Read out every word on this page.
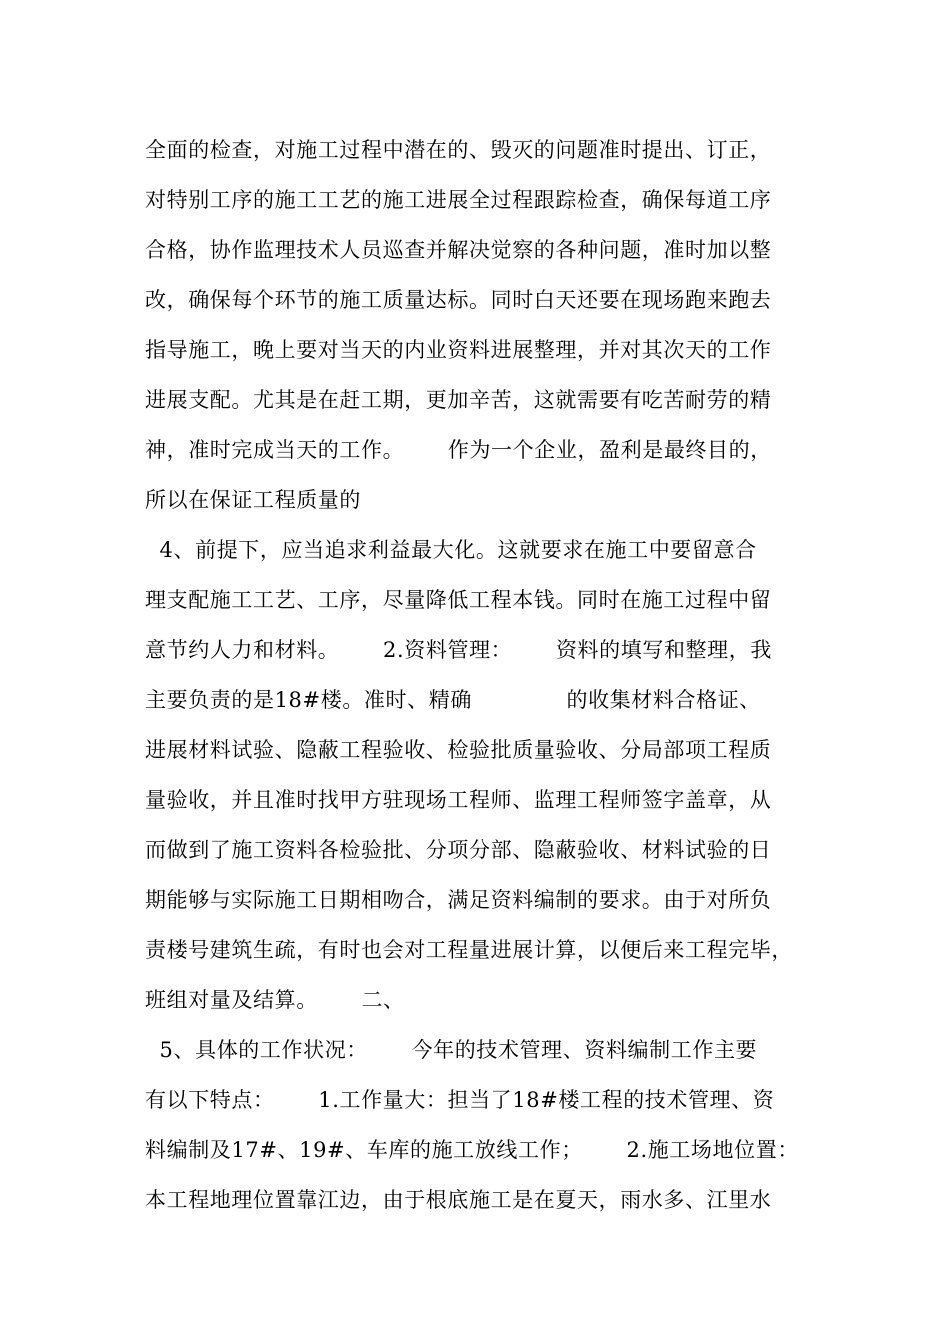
全面的检查，对施工过程中潜在的、毁灭的问题准时提出、订正，
对特别工序的施工工艺的施工进展全过程跟踪检查，确保每道工序
合格，协作监理技术人员巡查并解决觉察的各种问题，准时加以整
改，确保每个环节的施工质量达标。同时白天还要在现场跑来跑去
指导施工，晚上要对当天的内业资料进展整理，并对其次天的工作
进展支配。尤其是在赶工期，更加辛苦，这就需要有吃苦耐劳的精
神，准时完成当天的工作。      作为一个企业，盈利是最终目的，
所以在保证工程质量的
4、前提下，应当追求利益最大化。这就要求在施工中要留意合
理支配施工工艺、工序，尽量降低工程本钱。同时在施工过程中留
意节约人力和材料。      2.资料管理：      资料的填写和整理，我
主要负责的是18#楼。准时、精确             的收集材料合格证、
进展材料试验、隐蔽工程验收、检验批质量验收、分局部项工程质
量验收，并且准时找甲方驻现场工程师、监理工程师签字盖章，从
而做到了施工资料各检验批、分项分部、隐蔽验收、材料试验的日
期能够与实际施工日期相吻合，满足资料编制的要求。由于对所负
责楼号建筑生疏，有时也会对工程量进展计算，以便后来工程完毕，
班组对量及结算。      二、
5、具体的工作状况：      今年的技术管理、资料编制工作主要
有以下特点：      1.工作量大：担当了18#楼工程的技术管理、资
料编制及17#、19#、车库的施工放线工作；      2.施工场地位置：
本工程地理位置靠江边，由于根底施工是在夏天，雨水多、江里水
